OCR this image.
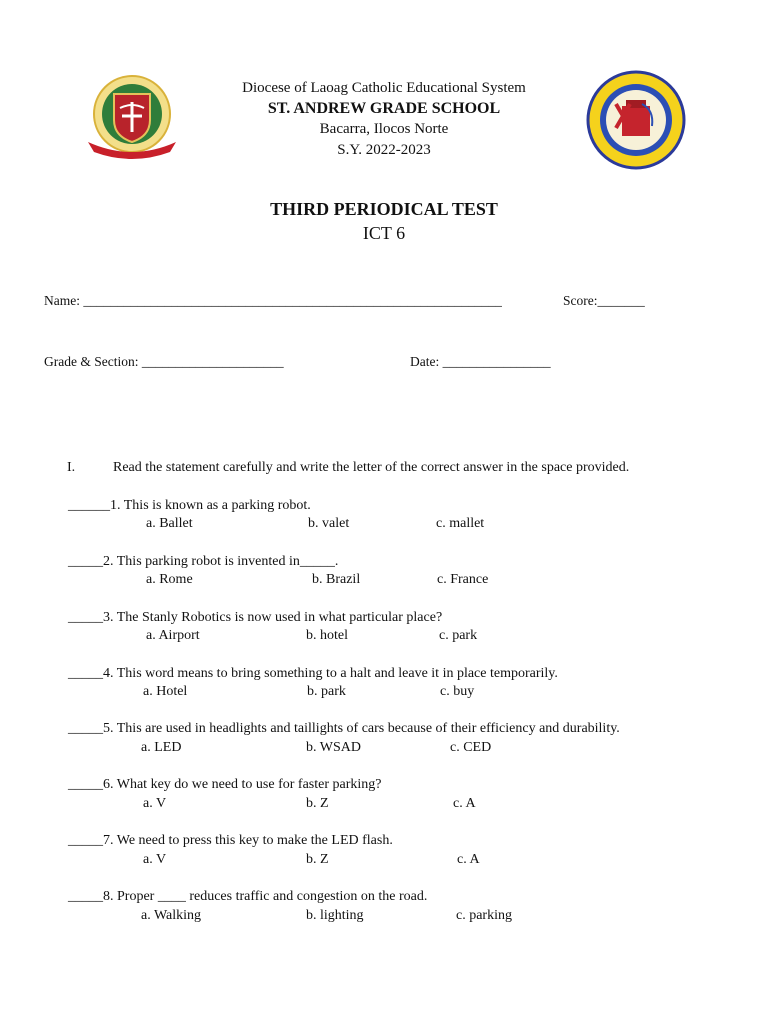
Diocese of Laoag Catholic Educational System
ST. ANDREW GRADE SCHOOL
Bacarra, Ilocos Norte
S.Y. 2022-2023
THIRD PERIODICAL TEST
ICT 6
Name: ______________________________________________________________	Score:_______
Grade & Section: _____________________	Date: ________________
I.	Read the statement carefully and write the letter of the correct answer in the space provided.
______1. This is known as a parking robot.
a. Ballet	b. valet	c. mallet
_____2. This parking robot is invented in_____.
a. Rome	b. Brazil	c. France
_____3. The Stanly Robotics is now used in what particular place?
a. Airport	b. hotel	c. park
_____4. This word means to bring something to a halt and leave it in place temporarily.
a. Hotel	b. park	c. buy
_____5. This are used in headlights and taillights of cars because of their efficiency and durability.
a. LED	b. WSAD	c. CED
_____6. What key do we need to use for faster parking?
a. V	b. Z	c. A
_____7. We need to press this key to make the LED flash.
a. V	b. Z	c. A
_____8. Proper ____ reduces traffic and congestion on the road.
a. Walking	b. lighting	c. parking
